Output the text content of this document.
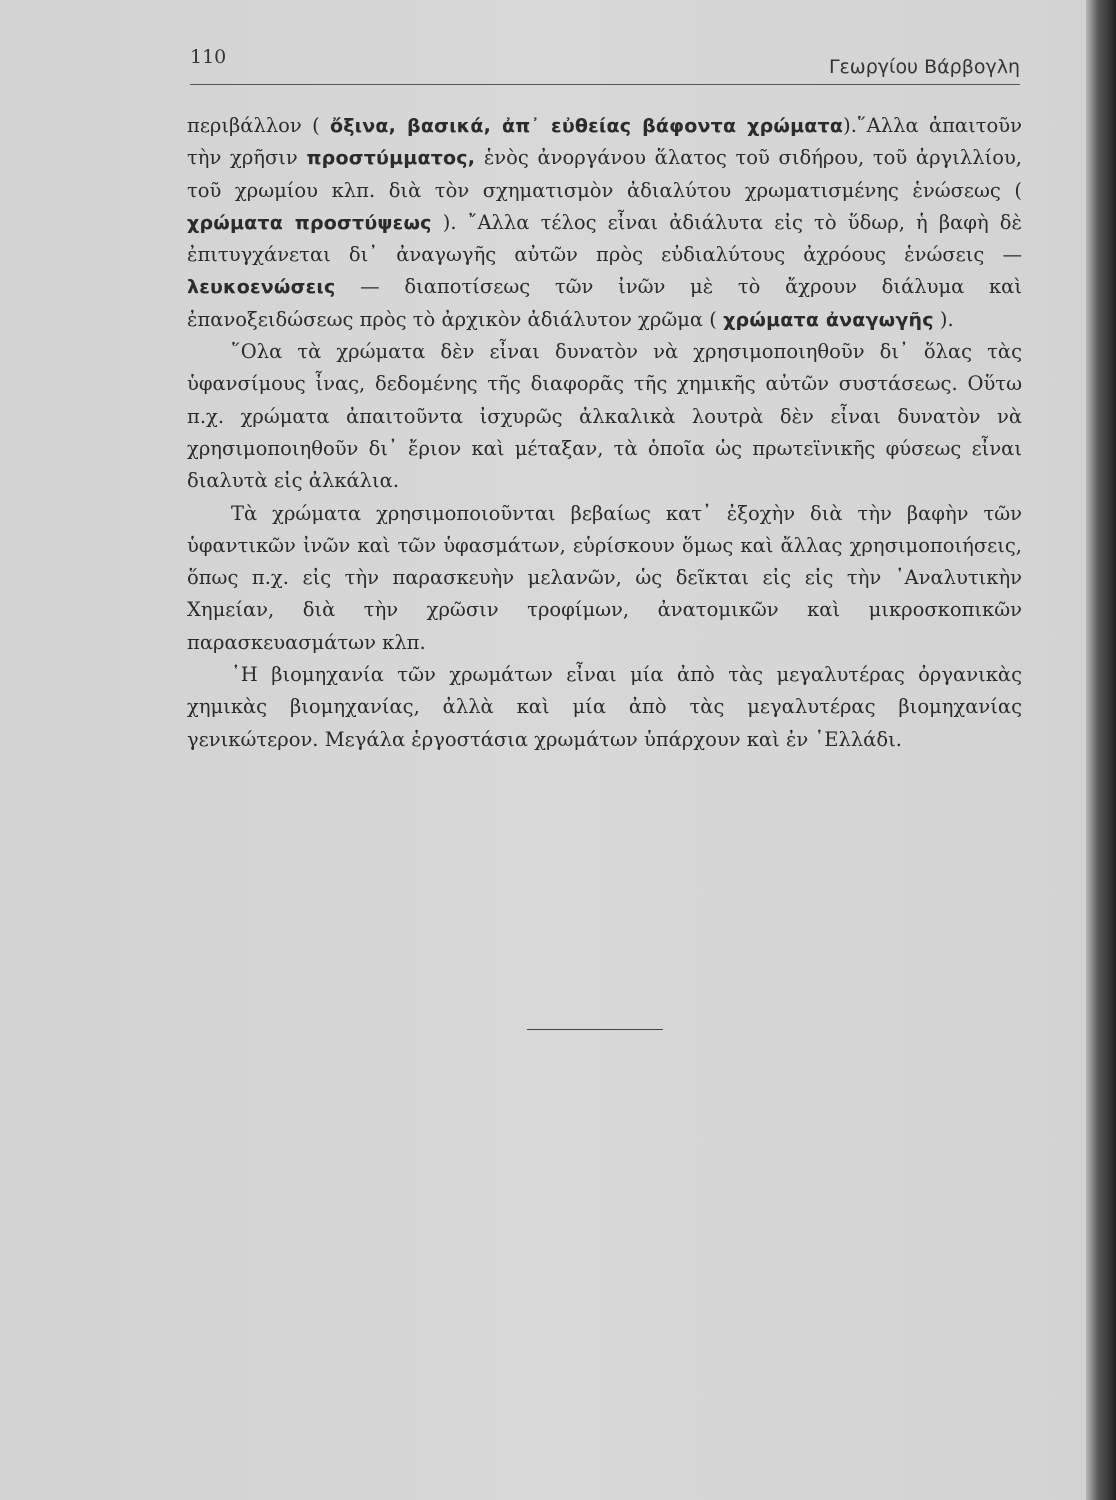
110	Γεωργίου Βάρβογλη

περιβάλλον ( ὄξινα, βασικά, ἀπ᾽ εὐθείας βάφοντα χρώματα).῞Αλλα ἀπαιτοῦν τὴν χρῆσιν προστύμματος, ἑνὸς ἀνοργάνου ἅλατος τοῦ σιδήρου, τοῦ ἀργιλλίου, τοῦ χρωμίου κλπ. διὰ τὸν σχηματισμὸν ἀδιαλύτου χρωματισμένης ἑνώσεως ( χρώματα προστύψεως ). ῎Αλλα τέλος εἶναι ἀδιάλυτα εἰς τὸ ὕδωρ, ἡ βαφὴ δὲ ἐπιτυγχάνεται δι᾽ ἀναγωγῆς αὐτῶν πρὸς εὐδιαλύτους ἀχρόους ἑνώσεις — λευκοενώσεις — διαποτίσεως τῶν ἰνῶν μὲ τὸ ἄχρουν διάλυμα καὶ ἐπανοξειδώσεως πρὸς τὸ ἀρχικὸν ἀδιάλυτον χρῶμα ( χρώματα ἀναγωγῆς ).

῞Ολα τὰ χρώματα δὲν εἶναι δυνατὸν νὰ χρησιμοποιηθοῦν δι᾽ ὅλας τὰς ὑφανσίμους ἶνας, δεδομένης τῆς διαφορᾶς τῆς χημικῆς αὐτῶν συστάσεως. Οὕτω π.χ. χρώματα ἀπαιτοῦντα ἰσχυρῶς ἀλκαλικὰ λουτρὰ δὲν εἶναι δυνατὸν νὰ χρησιμοποιηθοῦν δι᾽ ἔριον καὶ μέταξαν, τὰ ὁποῖα ὡς πρωτεϊνικῆς φύσεως εἶναι διαλυτὰ εἰς ἀλκάλια.

Τὰ χρώματα χρησιμοποιοῦνται βεβαίως κατ᾽ ἐξοχὴν διὰ τὴν βαφὴν τῶν ὑφαντικῶν ἰνῶν καὶ τῶν ὑφασμάτων, εὑρίσκουν ὅμως καὶ ἄλλας χρησιμοποιήσεις, ὅπως π.χ. εἰς τὴν παρασκευὴν μελανῶν, ὡς δεῖκται εἰς εἰς τὴν ᾿Αναλυτικὴν Χημείαν, διὰ τὴν χρῶσιν τροφίμων, ἀνατομικῶν καὶ μικροσκοπικῶν παρασκευασμάτων κλπ.

῾Η βιομηχανία τῶν χρωμάτων εἶναι μία ἀπὸ τὰς μεγαλυτέρας ὀργανικὰς χημικὰς βιομηχανίας, ἀλλὰ καὶ μία ἀπὸ τὰς μεγαλυτέρας βιομηχανίας γενικώτερον. Μεγάλα ἐργοστάσια χρωμάτων ὑπάρχουν καὶ ἐν ῾Ελλάδι.
